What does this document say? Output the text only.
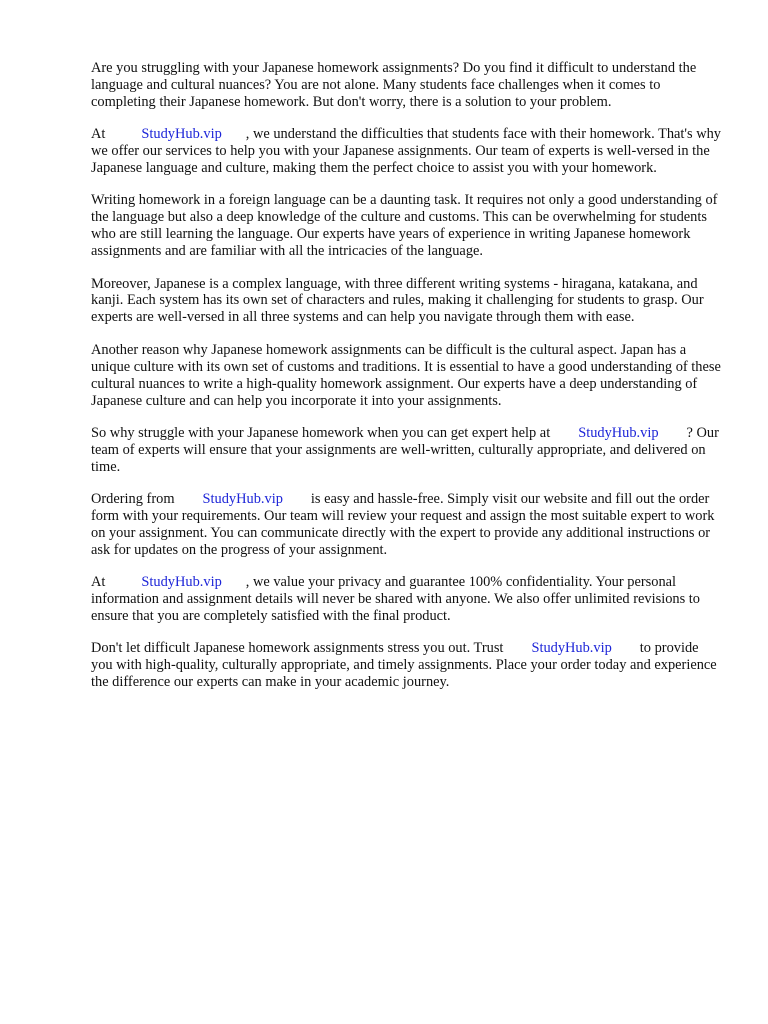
Are you struggling with your Japanese homework assignments? Do you find it difficult to understand the language and cultural nuances? You are not alone. Many students face challenges when it comes to completing their Japanese homework. But don't worry, there is a solution to your problem.

At	StudyHub.vip , we understand the difficulties that students face with their homework. That's why we offer our services to help you with your Japanese assignments. Our team of experts is well-versed in the Japanese language and culture, making them the perfect choice to assist you with your homework.

Writing homework in a foreign language can be a daunting task. It requires not only a good understanding of the language but also a deep knowledge of the culture and customs. This can be overwhelming for students who are still learning the language. Our experts have years of experience in writing Japanese homework assignments and are familiar with all the intricacies of the language.

Moreover, Japanese is a complex language, with three different writing systems - hiragana, katakana, and kanji. Each system has its own set of characters and rules, making it challenging for students to grasp. Our experts are well-versed in all three systems and can help you navigate through them with ease.

Another reason why Japanese homework assignments can be difficult is the cultural aspect. Japan has a unique culture with its own set of customs and traditions. It is essential to have a good understanding of these cultural nuances to write a high-quality homework assignment. Our experts have a deep understanding of Japanese culture and can help you incorporate it into your assignments.

So why struggle with your Japanese homework when you can get expert help at StudyHub.vip ? Our team of experts will ensure that your assignments are well-written, culturally appropriate, and delivered on time.

Ordering from StudyHub.vip is easy and hassle-free. Simply visit our website and fill out the order form with your requirements. Our team will review your request and assign the most suitable expert to work on your assignment. You can communicate directly with the expert to provide any additional instructions or ask for updates on the progress of your assignment.

At	StudyHub.vip , we value your privacy and guarantee 100% confidentiality. Your personal information and assignment details will never be shared with anyone. We also offer unlimited revisions to ensure that you are completely satisfied with the final product.

Don't let difficult Japanese homework assignments stress you out. Trust StudyHub.vip to provide you with high-quality, culturally appropriate, and timely assignments. Place your order today and experience the difference our experts can make in your academic journey.
